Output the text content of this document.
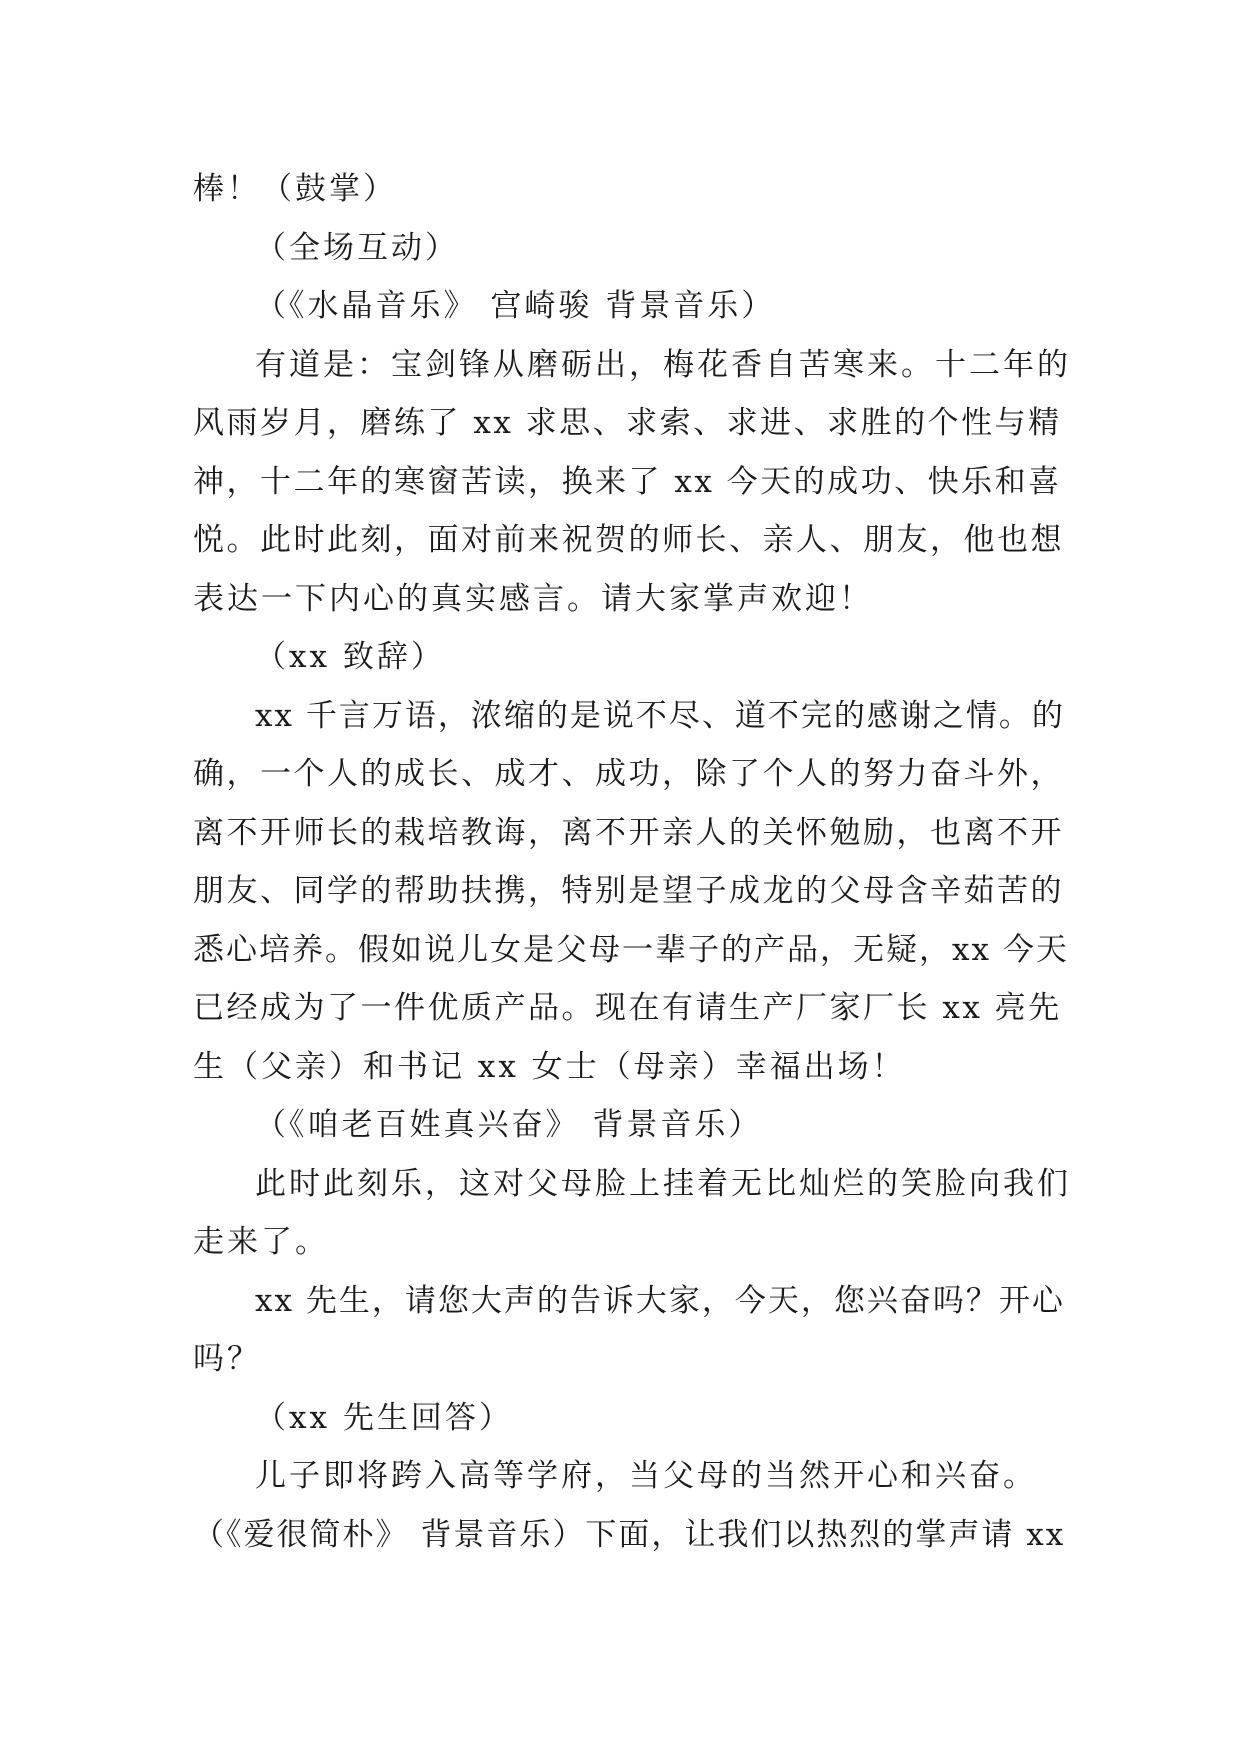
棒！（鼓掌）
（全场互动）
（《水晶音乐》 宫崎骏 背景音乐）
有道是：宝剑锋从磨砺出，梅花香自苦寒来。十二年的
风雨岁月，磨练了 xx 求思、求索、求进、求胜的个性与精
神，十二年的寒窗苦读，换来了 xx 今天的成功、快乐和喜
悦。此时此刻，面对前来祝贺的师长、亲人、朋友，他也想
表达一下内心的真实感言。请大家掌声欢迎！
（xx 致辞）
xx 千言万语，浓缩的是说不尽、道不完的感谢之情。的
确，一个人的成长、成才、成功，除了个人的努力奋斗外，
离不开师长的栽培教诲，离不开亲人的关怀勉励，也离不开
朋友、同学的帮助扶携，特别是望子成龙的父母含辛茹苦的
悉心培养。假如说儿女是父母一辈子的产品，无疑，xx 今天
已经成为了一件优质产品。现在有请生产厂家厂长 xx 亮先
生（父亲）和书记 xx 女士（母亲）幸福出场！
（《咱老百姓真兴奋》 背景音乐）
此时此刻乐，这对父母脸上挂着无比灿烂的笑脸向我们
走来了。
xx 先生，请您大声的告诉大家，今天，您兴奋吗？开心
吗？
（xx 先生回答）
儿子即将跨入高等学府，当父母的当然开心和兴奋。
（《爱很简朴》 背景音乐）下面，让我们以热烈的掌声请 xx
